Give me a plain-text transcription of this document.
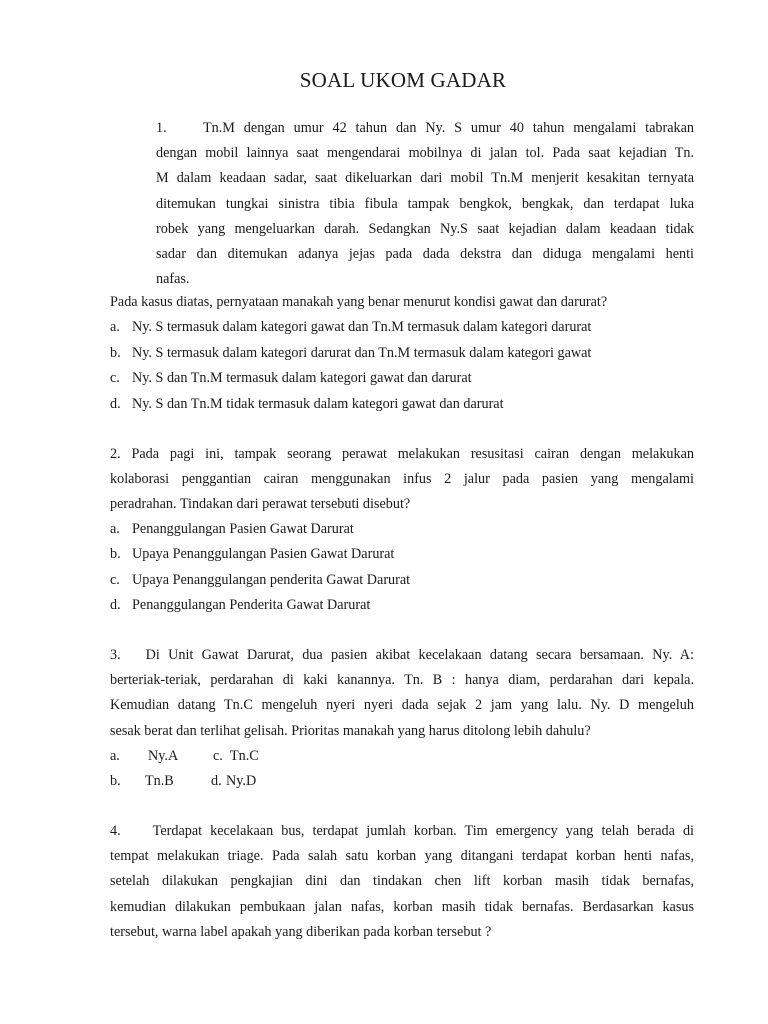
SOAL UKOM GADAR
1.	Tn.M dengan umur 42 tahun dan Ny. S umur 40 tahun mengalami tabrakan
dengan mobil lainnya saat mengendarai mobilnya di jalan tol. Pada saat kejadian Tn.
M dalam keadaan sadar, saat dikeluarkan dari mobil Tn.M menjerit kesakitan ternyata
ditemukan tungkai sinistra tibia fibula tampak bengkok, bengkak, dan terdapat luka
robek yang mengeluarkan darah. Sedangkan Ny.S saat kejadian dalam keadaan tidak
sadar dan ditemukan adanya jejas pada dada dekstra dan diduga mengalami henti
nafas.
Pada kasus diatas, pernyataan manakah yang benar menurut kondisi gawat dan darurat?
a. Ny. S termasuk dalam kategori gawat dan Tn.M termasuk dalam kategori darurat
b. Ny. S termasuk dalam kategori darurat dan Tn.M termasuk dalam kategori gawat
c. Ny. S dan Tn.M termasuk dalam kategori gawat dan darurat
d. Ny. S dan Tn.M tidak termasuk dalam kategori gawat dan darurat
2. Pada pagi ini, tampak seorang perawat melakukan resusitasi cairan dengan melakukan
kolaborasi penggantian cairan menggunakan infus 2 jalur pada pasien yang mengalami
peradrahan. Tindakan dari perawat tersebuti disebut?
a. Penanggulangan Pasien Gawat Darurat
b. Upaya Penanggulangan Pasien Gawat Darurat
c. Upaya Penanggulangan penderita Gawat Darurat
d. Penanggulangan Penderita Gawat Darurat
3.   Di Unit Gawat Darurat, dua pasien akibat kecelakaan datang secara bersamaan. Ny. A:
berteriak-teriak, perdarahan di kaki kanannya. Tn. B : hanya diam, perdarahan dari kepala.
Kemudian datang Tn.C mengeluh nyeri nyeri dada sejak 2 jam yang lalu. Ny. D mengeluh
sesak berat dan terlihat gelisah. Prioritas manakah yang harus ditolong lebih dahulu?
a. Ny.A c. Tn.C
b. Tn.B	d. Ny.D
4.    Terdapat kecelakaan bus, terdapat jumlah korban. Tim emergency yang telah berada di
tempat melakukan triage. Pada salah satu korban yang ditangani terdapat korban henti nafas,
setelah dilakukan pengkajian dini dan tindakan chen lift korban masih tidak bernafas,
kemudian dilakukan pembukaan jalan nafas, korban masih tidak bernafas. Berdasarkan kasus
tersebut, warna label apakah yang diberikan pada korban tersebut ?
